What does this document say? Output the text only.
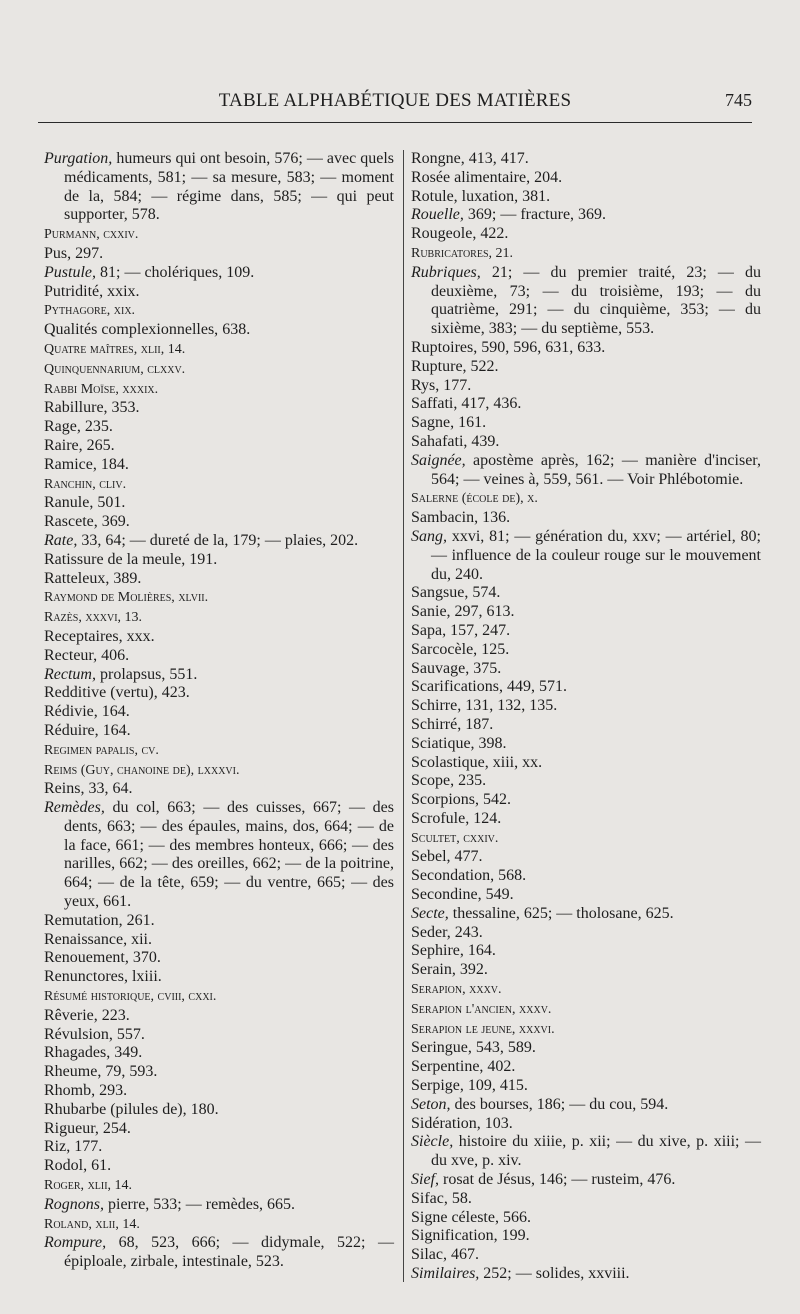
TABLE ALPHABÉTIQUE DES MATIÈRES	745
Purgation, humeurs qui ont besoin, 576; — avec quels médicaments, 581; — sa mesure, 583; — moment de la, 584; — régime dans, 585; — qui peut supporter, 578.
Purmann, cxxiv.
Pus, 297.
Pustule, 81; — cholériques, 109.
Putridité, xxix.
Pythagore, xix.
Qualités complexionnelles, 638.
Quatre maîtres, xlii, 14.
Quinquennarium, clxxv.
Rabbi Moïse, xxxix.
Rabillure, 353.
Rage, 235.
Raire, 265.
Ramice, 184.
Ranchin, cliv.
Ranule, 501.
Rascete, 369.
Rate, 33, 64; — dureté de la, 179; — plaies, 202.
Ratissure de la meule, 191.
Ratteleux, 389.
Raymond de Molières, xlvii.
Razès, xxxvi, 13.
Receptaires, xxx.
Recteur, 406.
Rectum, prolapsus, 551.
Redditive (vertu), 423.
Rédivie, 164.
Réduire, 164.
Regimen papalis, cv.
Reims (Guy, chanoine de), lxxxvi.
Reins, 33, 64.
Remèdes, du col, 663; — des cuisses, 667; — des dents, 663; — des épaules, mains, dos, 664; — de la face, 661; — des membres honteux, 666; — des narilles, 662; — des oreilles, 662; — de la poitrine, 664; — de la tête, 659; — du ventre, 665; — des yeux, 661.
Remutation, 261.
Renaissance, xii.
Renouement, 370.
Renunctores, lxiii.
Résumé historique, cviii, cxxi.
Rêverie, 223.
Révulsion, 557.
Rhagades, 349.
Rheume, 79, 593.
Rhomb, 293.
Rhubarbe (pilules de), 180.
Rigueur, 254.
Riz, 177.
Rodol, 61.
Roger, xlii, 14.
Rognons, pierre, 533; — remèdes, 665.
Roland, xlii, 14.
Rompure, 68, 523, 666; — didymale, 522; — épiploale, zirbale, intestinale, 523.
Rongne, 413, 417.
Rosée alimentaire, 204.
Rotule, luxation, 381.
Rouelle, 369; — fracture, 369.
Rougeole, 422.
Rubricatores, 21.
Rubriques, 21; — du premier traité, 23; — du deuxième, 73; — du troisième, 193; — du quatrième, 291; — du cinquième, 353; — du sixième, 383; — du septième, 553.
Ruptoires, 590, 596, 631, 633.
Rupture, 522.
Rys, 177.
Saffati, 417, 436.
Sagne, 161.
Sahafati, 439.
Saignée, apostème après, 162; — manière d'inciser, 564; — veines à, 559, 561. — Voir Phlébotomie.
Salerne (école de), x.
Sambacin, 136.
Sang, xxvi, 81; — génération du, xxv; — artériel, 80; — influence de la couleur rouge sur le mouvement du, 240.
Sangsue, 574.
Sanie, 297, 613.
Sapa, 157, 247.
Sarcocèle, 125.
Sauvage, 375.
Scarifications, 449, 571.
Schirre, 131, 132, 135.
Schirré, 187.
Sciatique, 398.
Scolastique, xiii, xx.
Scope, 235.
Scorpions, 542.
Scrofule, 124.
Scultet, cxxiv.
Sebel, 477.
Secondation, 568.
Secondine, 549.
Secte, thessaline, 625; — tholosane, 625.
Seder, 243.
Sephire, 164.
Serain, 392.
Serapion, xxxv.
Serapion l'ancien, xxxv.
Serapion le jeune, xxxvi.
Seringue, 543, 589.
Serpentine, 402.
Serpige, 109, 415.
Seton, des bourses, 186; — du cou, 594.
Sidération, 103.
Siècle, histoire du xiiie, p. xii; — du xive, p. xiii; — du xve, p. xiv.
Sief, rosat de Jésus, 146; — rusteim, 476.
Sifac, 58.
Signe céleste, 566.
Signification, 199.
Silac, 467.
Similaires, 252; — solides, xxviii.
